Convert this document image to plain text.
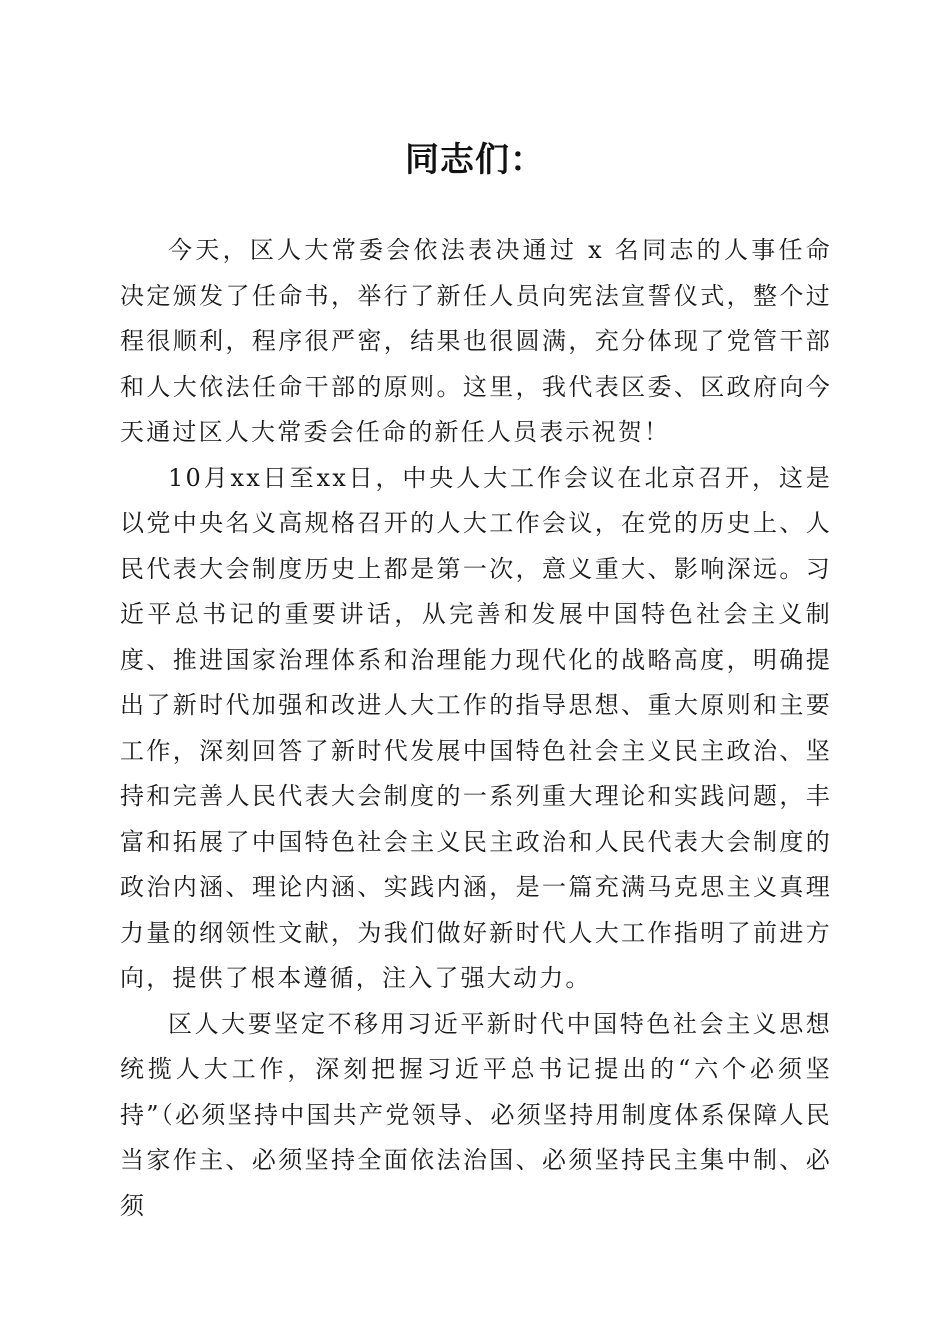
同志们：

今天，区人大常委会依法表决通过 x 名同志的人事任命决定颁发了任命书，举行了新任人员向宪法宣誓仪式，整个过程很顺利，程序很严密，结果也很圆满，充分体现了党管干部和人大依法任命干部的原则。这里，我代表区委、区政府向今天通过区人大常委会任命的新任人员表示祝贺！

10月xx日至xx日，中央人大工作会议在北京召开，这是以党中央名义高规格召开的人大工作会议，在党的历史上、人民代表大会制度历史上都是第一次，意义重大、影响深远。习近平总书记的重要讲话，从完善和发展中国特色社会主义制度、推进国家治理体系和治理能力现代化的战略高度，明确提出了新时代加强和改进人大工作的指导思想、重大原则和主要工作，深刻回答了新时代发展中国特色社会主义民主政治、坚持和完善人民代表大会制度的一系列重大理论和实践问题，丰富和拓展了中国特色社会主义民主政治和人民代表大会制度的政治内涵、理论内涵、实践内涵，是一篇充满马克思主义真理力量的纲领性文献，为我们做好新时代人大工作指明了前进方向，提供了根本遵循，注入了强大动力。

区人大要坚定不移用习近平新时代中国特色社会主义思想统揽人大工作，深刻把握习近平总书记提出的“六个必须坚持”（必须坚持中国共产党领导、必须坚持用制度体系保障人民当家作主、必须坚持全面依法治国、必须坚持民主集中制、必须
